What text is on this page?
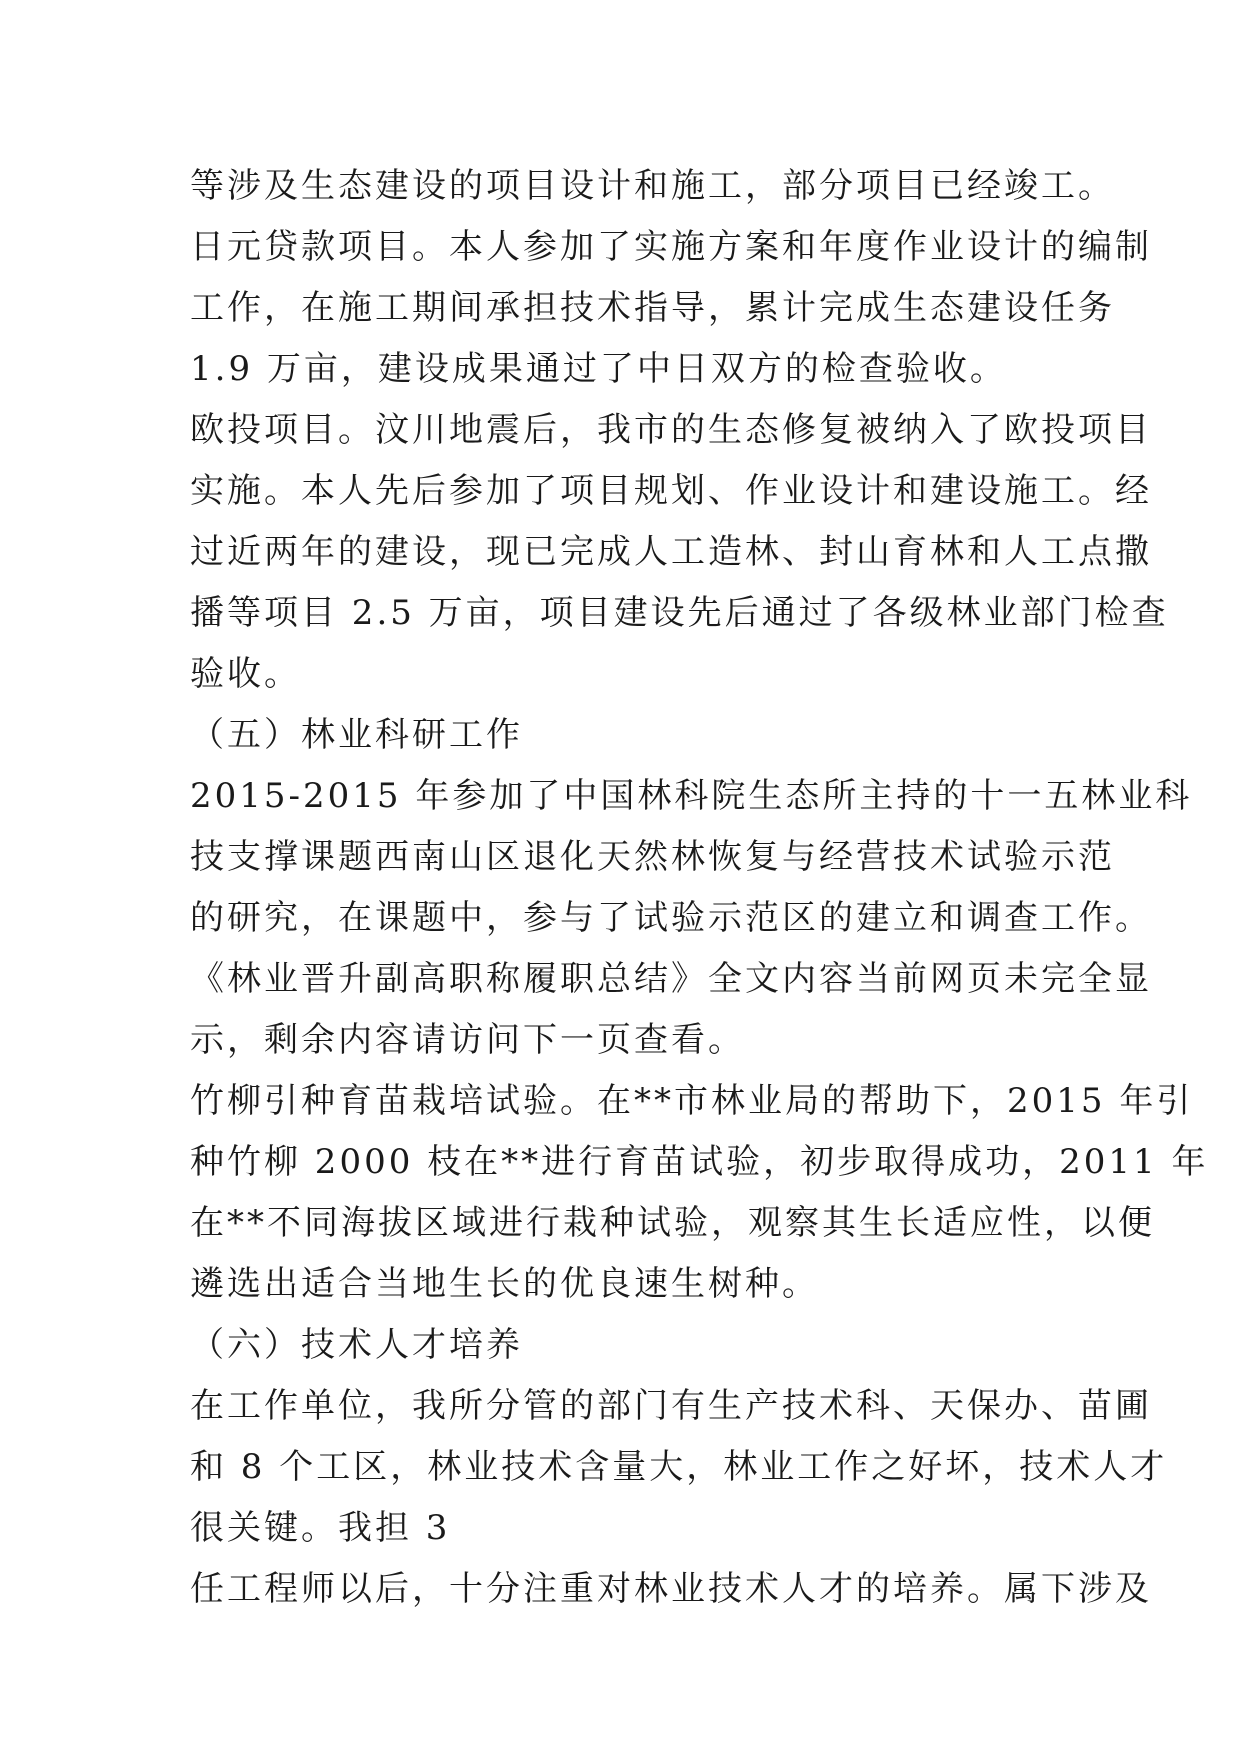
等涉及生态建设的项目设计和施工，部分项目已经竣工。
日元贷款项目。本人参加了实施方案和年度作业设计的编制
工作，在施工期间承担技术指导，累计完成生态建设任务
1.9 万亩，建设成果通过了中日双方的检查验收。
欧投项目。汶川地震后，我市的生态修复被纳入了欧投项目
实施。本人先后参加了项目规划、作业设计和建设施工。经
过近两年的建设，现已完成人工造林、封山育林和人工点撒
播等项目 2.5 万亩，项目建设先后通过了各级林业部门检查
验收。
（五）林业科研工作
2015-2015 年参加了中国林科院生态所主持的十一五林业科
技支撑课题西南山区退化天然林恢复与经营技术试验示范
的研究，在课题中，参与了试验示范区的建立和调查工作。
《林业晋升副高职称履职总结》全文内容当前网页未完全显
示，剩余内容请访问下一页查看。
竹柳引种育苗栽培试验。在**市林业局的帮助下，2015 年引
种竹柳 2000 枝在**进行育苗试验，初步取得成功，2011 年
在**不同海拔区域进行栽种试验，观察其生长适应性，以便
遴选出适合当地生长的优良速生树种。
（六）技术人才培养
在工作单位，我所分管的部门有生产技术科、天保办、苗圃
和 8 个工区，林业技术含量大，林业工作之好坏，技术人才
很关键。我担 3
任工程师以后，十分注重对林业技术人才的培养。属下涉及
